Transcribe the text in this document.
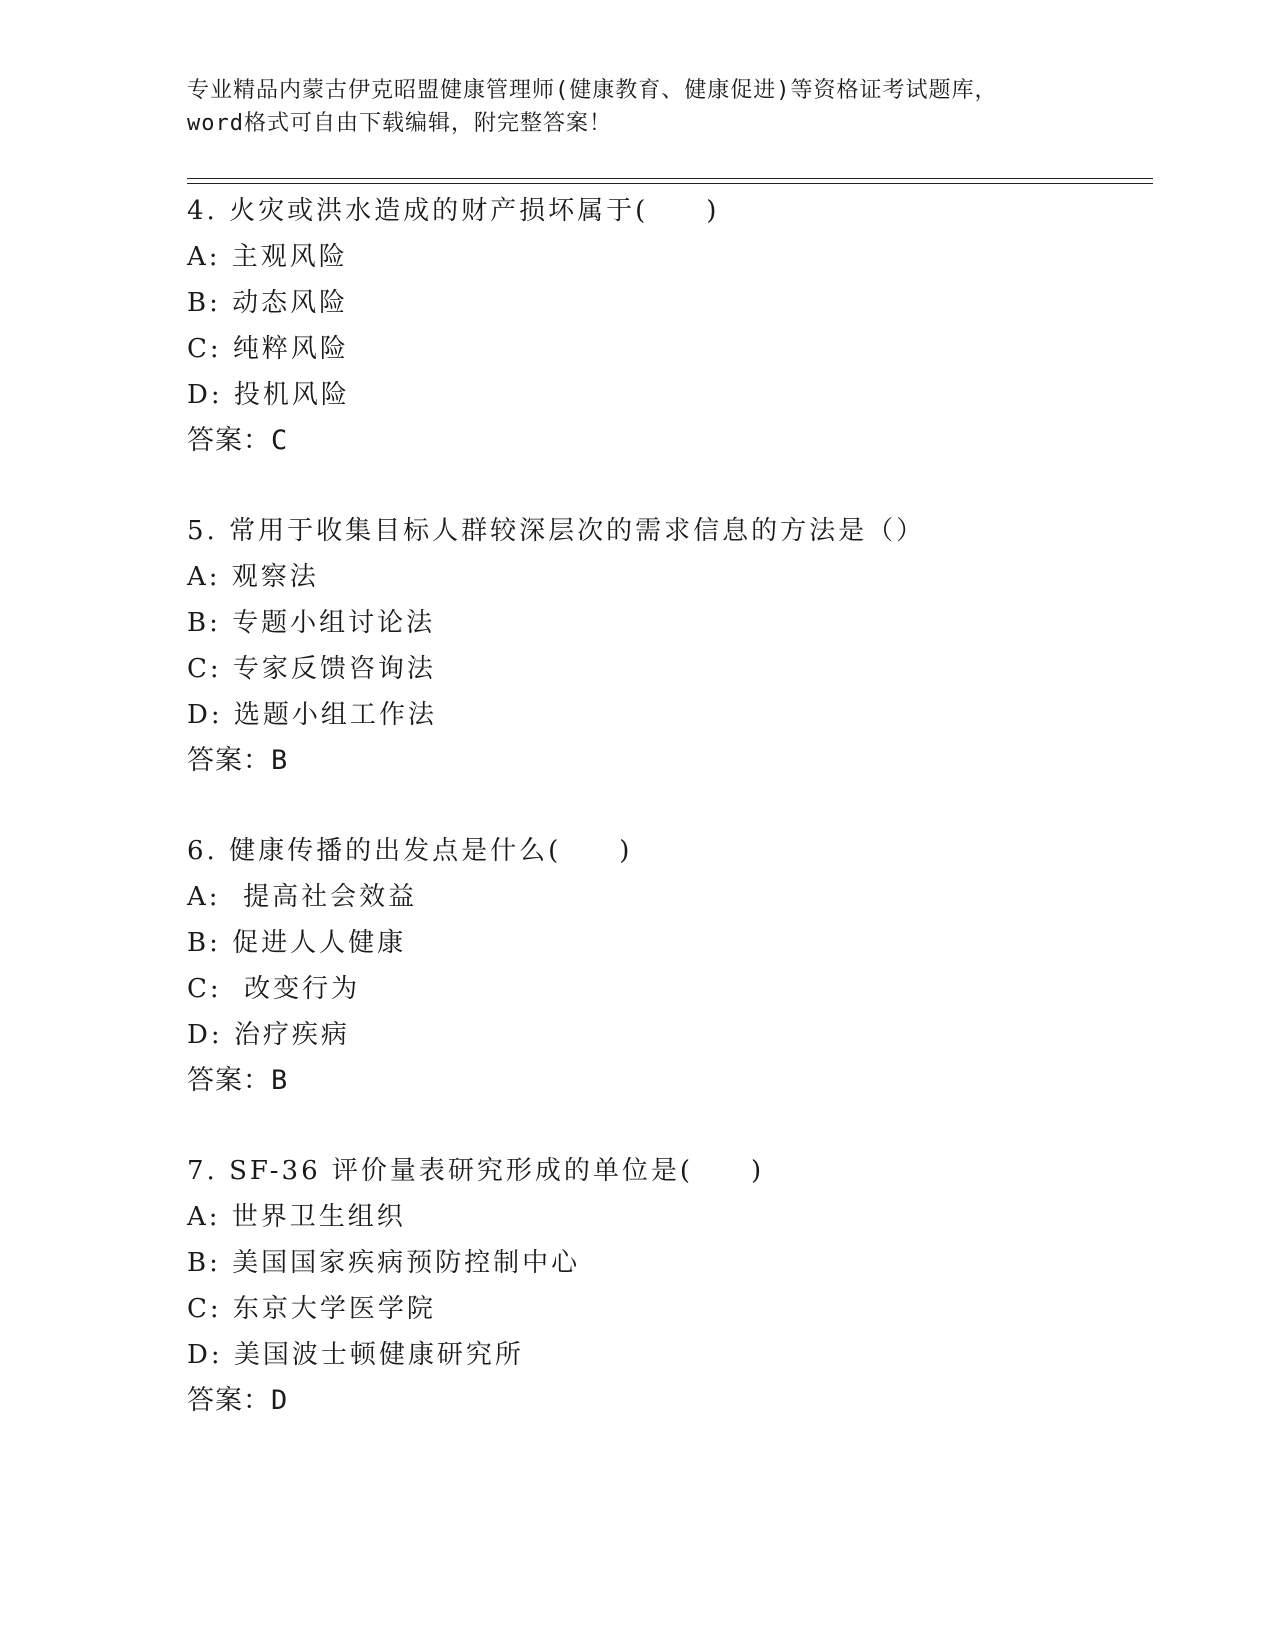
专业精品内蒙古伊克昭盟健康管理师(健康教育、健康促进)等资格证考试题库，
word格式可自由下载编辑，附完整答案！
4. 火灾或洪水造成的财产损坏属于(　　)
A: 主观风险
B: 动态风险
C: 纯粹风险
D: 投机风险
答案：C
5. 常用于收集目标人群较深层次的需求信息的方法是（）
A: 观察法
B: 专题小组讨论法
C: 专家反馈咨询法
D: 选题小组工作法
答案：B
6. 健康传播的出发点是什么(　　)
A:  提高社会效益
B: 促进人人健康
C:  改变行为
D: 治疗疾病
答案：B
7. SF-36 评价量表研究形成的单位是(　　)
A: 世界卫生组织
B: 美国国家疾病预防控制中心
C: 东京大学医学院
D: 美国波士顿健康研究所
答案：D
